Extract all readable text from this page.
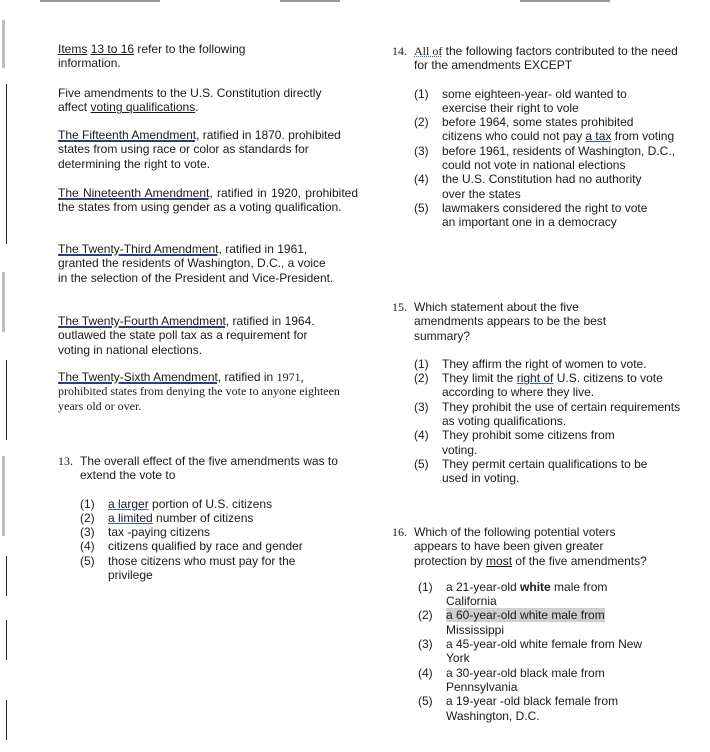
Items 13 to 16 refer to the following information.
Five amendments to the U.S. Constitution directly affect voting qualifications.
The Fifteenth Amendment, ratified in 1870. prohibited states from using race or color as standards for determining the right to vote.
The Nineteenth Amendment, ratified in 1920, prohibited the states from using gender as a voting qualification.
The Twenty-Third Amendment, ratified in 1961, granted the residents of Washington, D.C., a voice in the selection of the President and Vice-President.
The Twenty-Fourth Amendment, ratified in 1964. outlawed the state poll tax as a requirement for voting in national elections.
The Twenty-Sixth Amendment, ratified in 1971, prohibited states from denying the vote to anyone eighteen years old or over.
13. The overall effect of the five amendments was to extend the vote to
(1)	a larger portion of U.S. citizens
(2)	a limited number of citizens
(3)	tax -paying citizens
(4)	citizens qualified by race and gender
(5)	those citizens who must pay for the privilege
14. All of the following factors contributed to the need for the amendments EXCEPT
(1)	some eighteen-year- old wanted to exercise their right to vole
(2)	before 1964, some states prohibited citizens who could not pay a tax from voting
(3)	before 1961, residents of Washington, D.C., could not vote in national elections
(4)	the U.S. Constitution had no authority over the states
(5)	lawmakers considered the right to vote an important one in a democracy
15. Which statement about the five amendments appears to be the best summary?
(1)	They affirm the right of women to vote.
(2)	They limit the right of U.S. citizens to vote according to where they live.
(3)	They prohibit the use of certain requirements as voting qualifications.
(4)	They prohibit some citizens from voting.
(5)	They permit certain qualifications to be used in voting.
16. Which of the following potential voters appears to have been given greater protection by most of the five amendments?
(1)	a 21-year-old white male from California
(2)	a 60-year-old white male from Mississippi
(3)	a 45-year-old white female from New York
(4)	a 30-year-old black male from Pennsylvania
(5)	a 19-year -old black female from Washington, D.C.
